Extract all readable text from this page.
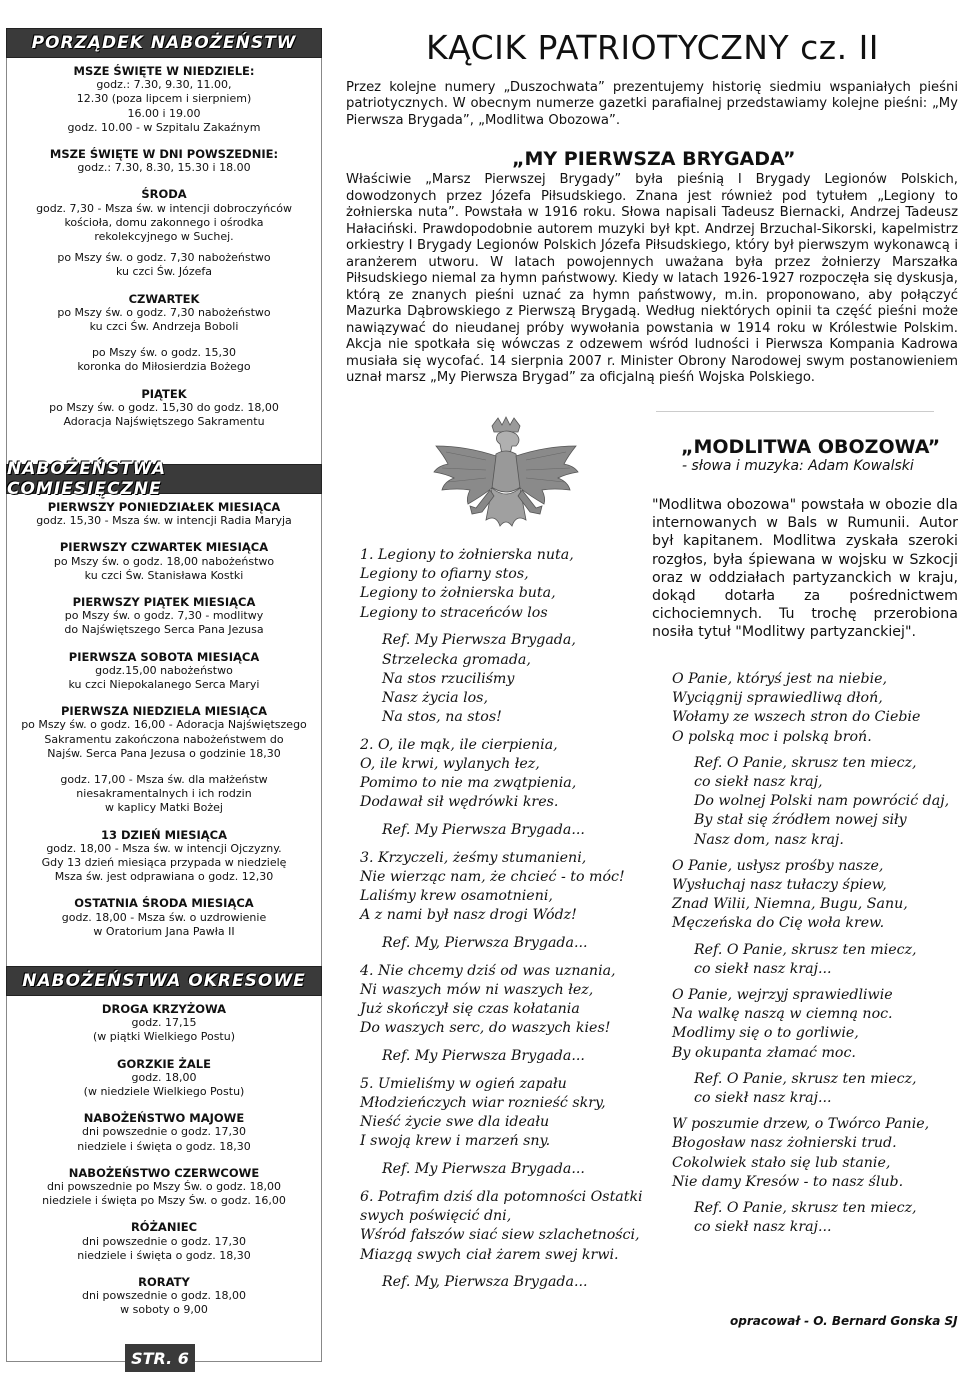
PORZĄDEK NABOŻEŃSTW
MSZE ŚWIĘTE W NIEDZIELE:
godz.: 7.30, 9.30, 11.00,
12.30 (poza lipcem i sierpniem)
16.00 i 19.00
godz. 10.00 - w Szpitalu Zakaźnym
MSZE ŚWIĘTE W DNI POWSZEDNIE:
godz.: 7.30, 8.30, 15.30 i 18.00
ŚRODA
godz. 7,30 - Msza św. w intencji dobroczyńców
kościoła, domu zakonnego i ośrodka
rekolekcyjnego w Suchej.
po Mszy św. o godz. 7,30 nabożeństwo
ku czci Św. Józefa
CZWARTEK
po Mszy św. o godz. 7,30 nabożeństwo
ku czci Św. Andrzeja Boboli
po Mszy św. o godz. 15,30
koronka do Miłosierdzia Bożego
PIĄTEK
po Mszy św. o godz. 15,30 do godz. 18,00
Adoracja Najświętszego Sakramentu
NABOŻEŃSTWA COMIESIĘCZNE
PIERWSZY PONIEDZIAŁEK MIESIĄCA
godz. 15,30 - Msza św. w intencji Radia Maryja
PIERWSZY CZWARTEK MIESIĄCA
po Mszy św. o godz. 18,00 nabożeństwo
ku czci Św. Stanisława Kostki
PIERWSZY PIĄTEK MIESIĄCA
po Mszy św. o godz. 7,30 - modlitwy
do Najświętszego Serca Pana Jezusa
PIERWSZA SOBOTA MIESIĄCA
godz.15,00 nabożeństwo
ku czci Niepokalanego Serca Maryi
PIERWSZA NIEDZIELA MIESIĄCA
po Mszy św. o godz. 16,00 - Adoracja Najświętszego
Sakramentu zakończona nabożeństwem do
Najśw. Serca Pana Jezusa o godzinie 18,30
godz. 17,00 - Msza św. dla małżeństw
niesakramentalnych i ich rodzin
w kaplicy Matki Bożej
13 DZIEŃ MIESIĄCA
godz. 18,00 - Msza św. w intencji Ojczyzny.
Gdy 13 dzień miesiąca przypada w niedzielę
Msza św. jest odprawiana o godz. 12,30
OSTATNIA ŚRODA MIESIĄCA
godz. 18,00 - Msza św. o uzdrowienie
w Oratorium Jana Pawła II
NABOŻEŃSTWA OKRESOWE
DROGA KRZYŻOWA
godz. 17,15
(w piątki Wielkiego Postu)
GORZKIE ŻALE
godz. 18,00
(w niedziele Wielkiego Postu)
NABOŻEŃSTWO MAJOWE
dni powszednie o godz. 17,30
niedziele i święta o godz. 18,30
NABOŻEŃSTWO CZERWCOWE
dni powszednie po Mszy Św. o godz. 18,00
niedziele i święta po Mszy Św. o godz. 16,00
RÓŻANIEC
dni powszednie o godz. 17,30
niedziele i święta o godz. 18,30
RORATY
dni powszednie o godz. 18,00
w soboty o 9,00
STR. 6
KĄCIK PATRIOTYCZNY cz. II
Przez kolejne numery „Duszochwata” prezentujemy historię siedmiu wspaniałych pieśni patriotycznych. W obecnym numerze gazetki parafialnej przedstawiamy kolejne pieśni: „My Pierwsza Brygada”, „Modlitwa Obozowa”.
„MY PIERWSZA BRYGADA”
Właściwie „Marsz Pierwszej Brygady” była pieśnią I Brygady Legionów Polskich, dowodzonych przez Józefa Piłsudskiego. Znana jest również pod tytułem „Legiony to żołnierska nuta”. Powstała w 1916 roku. Słowa napisali Tadeusz Biernacki, Andrzej Tadeusz Hałaciński. Prawdopodobnie autorem muzyki był kpt. Andrzej Brzuchal-Sikorski, kapelmistrz orkiestry I Brygady Legionów Polskich Józefa Piłsudskiego, który był pierwszym wykonawcą i aranżerem utworu. W latach powojennych uważana była przez żołnierzy Marszałka Piłsudskiego niemal za hymn państwowy. Kiedy w latach 1926-1927 rozpoczęła się dyskusja, którą ze znanych pieśni uznać za hymn państwowy, m.in. proponowano, aby połączyć Mazurka Dąbrowskiego z Pierwszą Brygadą. Według niektórych opinii ta część pieśni może nawiązywać do nieudanej próby wywołania powstania w 1914 roku w Królestwie Polskim. Akcja nie spotkała się wówczas z odzewem wśród ludności i Pierwsza Kompania Kadrowa musiała się wycofać. 14 sierpnia 2007 r. Minister Obrony Narodowej swym postanowieniem uznał marsz „My Pierwsza Brygad” za oficjalną pieśń Wojska Polskiego.
„MODLITWA OBOZOWA”
- słowa i muzyka: Adam Kowalski
"Modlitwa obozowa" powstała w obozie dla internowanych w Bals w Rumunii. Autor był kapitanem. Modlitwa zyskała szeroki rozgłos, była śpiewana w wojsku w Szkocji oraz w oddziałach partyzanckich w kraju, dokąd dotarła za pośrednictwem cichociemnych. Tu trochę przerobiona nosiła tytuł "Modlitwy partyzanckiej".
1. Legiony to żołnierska nuta,
Legiony to ofiarny stos,
Legiony to żołnierska buta,
Legiony to straceńców los
Ref. My Pierwsza Brygada,
Strzelecka gromada,
Na stos rzuciliśmy
Nasz życia los,
Na stos, na stos!
2. O, ile mąk, ile cierpienia,
O, ile krwi, wylanych łez,
Pomimo to nie ma zwątpienia,
Dodawał sił wędrówki kres.
Ref. My Pierwsza Brygada...
3. Krzyczeli, żeśmy stumanieni,
Nie wierząc nam, że chcieć - to móc!
Laliśmy krew osamotnieni,
A z nami był nasz drogi Wódz!
Ref. My, Pierwsza Brygada...
4. Nie chcemy dziś od was uznania,
Ni waszych mów ni waszych łez,
Już skończył się czas kołatania
Do waszych serc, do waszych kies!
Ref. My Pierwsza Brygada...
5. Umieliśmy w ogień zapału
Młodzieńczych wiar roznieść skry,
Nieść życie swe dla ideału
I swoją krew i marzeń sny.
Ref. My Pierwsza Brygada...
6. Potrafim dziś dla potomności Ostatki
swych poświęcić dni,
Wśród fałszów siać siew szlachetności,
Miazgą swych ciał żarem swej krwi.
Ref. My, Pierwsza Brygada...
O Panie, któryś jest na niebie,
Wyciągnij sprawiedliwą dłoń,
Wołamy ze wszech stron do Ciebie
O polską moc i polską broń.
Ref. O Panie, skrusz ten miecz,
co siekł nasz kraj,
Do wolnej Polski nam powrócić daj,
By stał się źródłem nowej siły
Nasz dom, nasz kraj.
O Panie, usłysz prośby nasze,
Wysłuchaj nasz tułaczy śpiew,
Znad Wilii, Niemna, Bugu, Sanu,
Męczeńska do Cię woła krew.
Ref. O Panie, skrusz ten miecz,
co siekł nasz kraj...
O Panie, wejrzyj sprawiedliwie
Na walkę naszą w ciemną noc.
Modlimy się o to gorliwie,
By okupanta złamać moc.
Ref. O Panie, skrusz ten miecz,
co siekł nasz kraj...
W poszumie drzew, o Twórco Panie,
Błogosław nasz żołnierski trud.
Cokolwiek stało się lub stanie,
Nie damy Kresów - to nasz ślub.
Ref. O Panie, skrusz ten miecz,
co siekł nasz kraj...
opracował - O. Bernard Gonska SJ
